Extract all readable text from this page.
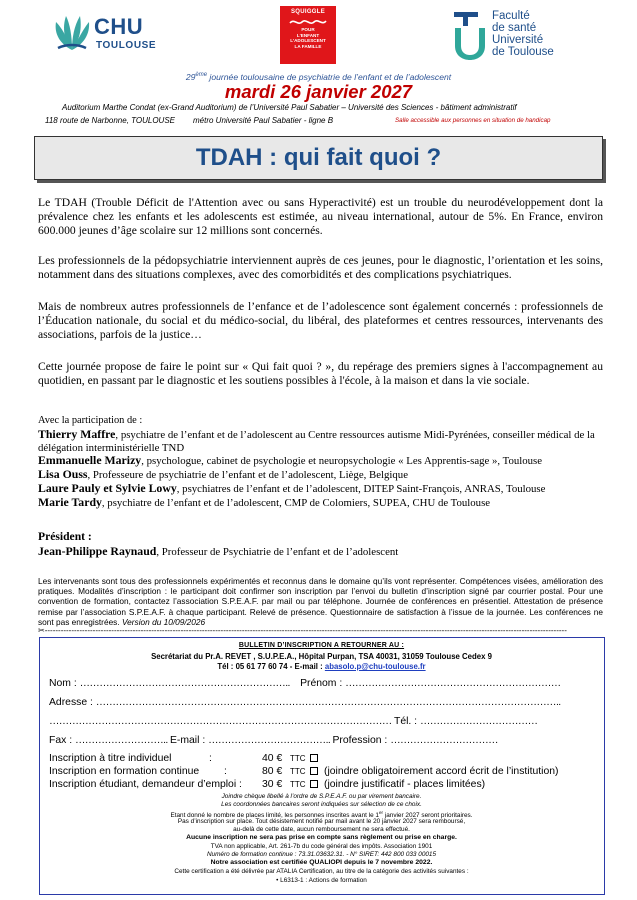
CHU
TOULOUSE
SQUIGGLE
POUR
L'ENFANT
L'ADOLESCENT
LA FAMILLE
Faculté
de santé
Université
de Toulouse
29ème journée toulousaine de psychiatrie de l’enfant et de l’adolescent
mardi 26 janvier 2027
Auditorium Marthe Condat (ex-Grand Auditorium) de l’Université Paul Sabatier – Université des Sciences - bâtiment administratif
118 route de Narbonne, TOULOUSE métro Université Paul Sabatier - ligne B	Salle accessible aux personnes en situation de handicap
TDAH : qui fait quoi ?

Le TDAH (Trouble Déficit de l'Attention avec ou sans Hyperactivité) est un trouble du neurodéveloppement dont la prévalence chez les enfants et les adolescents est estimée, au niveau international, autour de 5%. En France, environ 600.000 jeunes d’âge scolaire sur 12 millions sont concernés.

Les professionnels de la pédopsychiatrie interviennent auprès de ces jeunes, pour le diagnostic, l’orientation et les soins, notamment dans des situations complexes, avec des comorbidités et des complications psychiatriques.

Mais de nombreux autres professionnels de l’enfance et de l’adolescence sont également concernés : professionnels de l’Éducation nationale, du social et du médico-social, du libéral, des plateformes et centres ressources, intervenants des associations, parfois de la justice…

Cette journée propose de faire le point sur « Qui fait quoi ? », du repérage des premiers signes à l'accompagnement au quotidien, en passant par le diagnostic et les soutiens possibles à l'école, à la maison et dans la vie sociale.

Avec la participation de :
Thierry Maffre, psychiatre de l’enfant et de l’adolescent au Centre ressources autisme Midi-Pyrénées, conseiller médical de la délégation interministérielle TND
Emmanuelle Marizy, psychologue, cabinet de psychologie et neuropsychologie « Les Apprentis-sage », Toulouse
Lisa Ouss, Professeure de psychiatrie de l’enfant et de l’adolescent, Liège, Belgique
Laure Pauly et Sylvie Lowy, psychiatres de l’enfant et de l’adolescent, DITEP Saint-François, ANRAS, Toulouse
Marie Tardy, psychiatre de l’enfant et de l’adolescent, CMP de Colomiers, SUPEA, CHU de Toulouse
Président :
Jean-Philippe Raynaud, Professeur de Psychiatrie de l’enfant et de l’adolescent
Les intervenants sont tous des professionnels expérimentés et reconnus dans le domaine qu’ils vont représenter. Compétences visées, amélioration des pratiques. Modalités d’inscription : le participant doit confirmer son inscription par l’envoi du bulletin d’inscription signé par courrier postal. Pour une convention de formation, contactez l’association S.P.E.A.F. par mail ou par téléphone. Journée de conférences en présentiel. Attestation de présence remise par l’association S.P.E.A.F. à chaque participant. Relevé de présence. Questionnaire de satisfaction à l’issue de la journée. Les conférences ne sont pas enregistrées. Version du 10/09/2026
✂----------------------------------------------------------------------------------------------------------------------------------------------------------------------------------------------------
BULLETIN D’INSCRIPTION A RETOURNER AU :
Secrétariat du Pr.A. REVET , S.U.P.E.A., Hôpital Purpan, TSA 40031, 31059 Toulouse Cedex 9
Tél : 05 61 77 60 74 - E-mail : abasolo.p@chu-toulouse.fr
Nom : ……………………………………………………….. Prénom : …………………………………………………………
Adresse : ……………………………………………………………………………………………………………………………..
…………………………………………………………………………………………… Tél. : ………………………………
Fax : ……………………….. E-mail : ……………………………….. Profession : ……………………………
Inscription à titre individuel	:	40 € TTC
Inscription en formation continue :	80 € TTC (joindre obligatoirement accord écrit de l’institution)
Inscription étudiant, demandeur d’emploi : 30 € TTC (joindre justificatif - places limitées)
Joindre chèque libellé à l’ordre de S.P.E.A.F. ou par virement bancaire.
Les coordonnées bancaires seront indiquées sur sélection de ce choix.
Etant donné le nombre de places limité, les personnes inscrites avant le 1er janvier 2027 seront prioritaires.
Pas d’inscription sur place. Tout désistement notifié par mail avant le 20 janvier 2027 sera remboursé,
au-delà de cette date, aucun remboursement ne sera effectué.
Aucune inscription ne sera pas prise en compte sans règlement ou prise en charge.
TVA non applicable, Art. 261-7b du code général des impôts. Association 1901
Numéro de formation continue : 73.31.03632.31. - N° SIRET: 442 800 033 00015
Notre association est certifiée QUALIOPI depuis le 7 novembre 2022.
Cette certification a été délivrée par ATALIA Certification, au titre de la catégorie des activités suivantes :
• L6313-1 : Actions de formation
